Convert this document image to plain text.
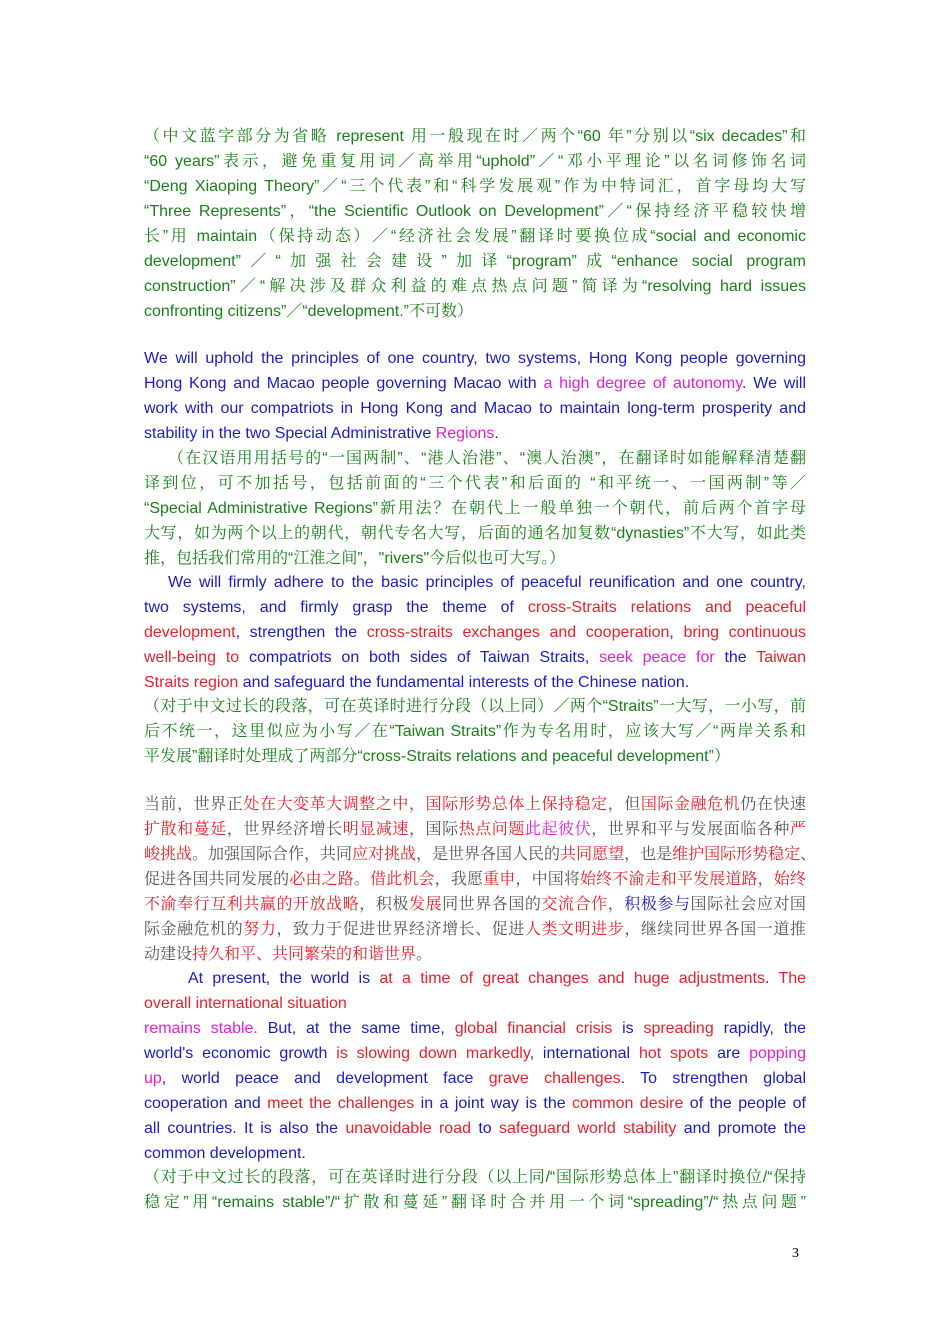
（中文蓝字部分为省略 represent 用一般现在时／两个“60 年”分别以“six decades”和
“60 years”表示，避免重复用词／高举用“uphold”／“邓小平理论”以名词修饰名词
“Deng Xiaoping Theory”／“三个代表”和“科学发展观”作为中特词汇，首字母均大写
“Three Represents”，“the Scientific Outlook on Development”／“保持经济平稳较快增
长”用 maintain（保持动态）／“经济社会发展”翻译时要换位成“social and economic
development”／“加强社会建设”加译“program”成“enhance social program
construction”／“解决涉及群众利益的难点热点问题”简译为“resolving hard issues
confronting citizens”／“development.”不可数）
We will uphold the principles of one country, two systems, Hong Kong people governing
Hong Kong and Macao people governing Macao with a high degree of autonomy. We will
work with our compatriots in Hong Kong and Macao to maintain long-term prosperity and
stability in the two Special Administrative Regions.
（在汉语用用括号的“一国两制”、“港人治港”、“澳人治澳”，在翻译时如能解释清楚翻
译到位，可不加括号，包括前面的“三个代表”和后面的 “和平统一、一国两制”等／
“Special Administrative Regions”新用法？在朝代上一般单独一个朝代，前后两个首字母
大写，如为两个以上的朝代，朝代专名大写，后面的通名加复数“dynasties”不大写，如此类
推，包括我们常用的“江淮之间”，"rivers"今后似也可大写。）
We will firmly adhere to the basic principles of peaceful reunification and one country,
two systems, and firmly grasp the theme of cross-Straits relations and peaceful
development, strengthen the cross-straits exchanges and cooperation, bring continuous
well-being to compatriots on both sides of Taiwan Straits, seek peace for the Taiwan
Straits region and safeguard the fundamental interests of the Chinese nation.
（对于中文过长的段落，可在英译时进行分段（以上同）／两个“Straits”一大写，一小写，前
后不统一，这里似应为小写／在“Taiwan Straits”作为专名用时，应该大写／“两岸关系和
平发展”翻译时处理成了两部分“cross-Straits relations and peaceful development”）
当前，世界正处在大变革大调整之中，国际形势总体上保持稳定，但国际金融危机仍在快速
扩散和蔓延，世界经济增长明显减速，国际热点问题此起彼伏，世界和平与发展面临各种严
峻挑战。加强国际合作，共同应对挑战，是世界各国人民的共同愿望，也是维护国际形势稳定、
促进各国共同发展的必由之路。借此机会，我愿重申，中国将始终不渝走和平发展道路，始终
不渝奉行互利共赢的开放战略，积极发展同世界各国的交流合作，积极参与国际社会应对国
际金融危机的努力，致力于促进世界经济增长、促进人类文明进步，继续同世界各国一道推
动建设持久和平、共同繁荣的和谐世界。
At present, the world is at a time of great changes and huge adjustments. The
overall international situation
remains stable. But, at the same time, global financial crisis is spreading rapidly, the
world's economic growth is slowing down markedly, international hot spots are popping
up, world peace and development face grave challenges. To strengthen global
cooperation and meet the challenges in a joint way is the common desire of the people of
all countries. It is also the unavoidable road to safeguard world stability and promote the
common development.
（对于中文过长的段落，可在英译时进行分段（以上同/“国际形势总体上”翻译时换位/“保持
稳定”用“remains stable”/“扩散和蔓延”翻译时合并用一个词“spreading”/“热点问题”
3
